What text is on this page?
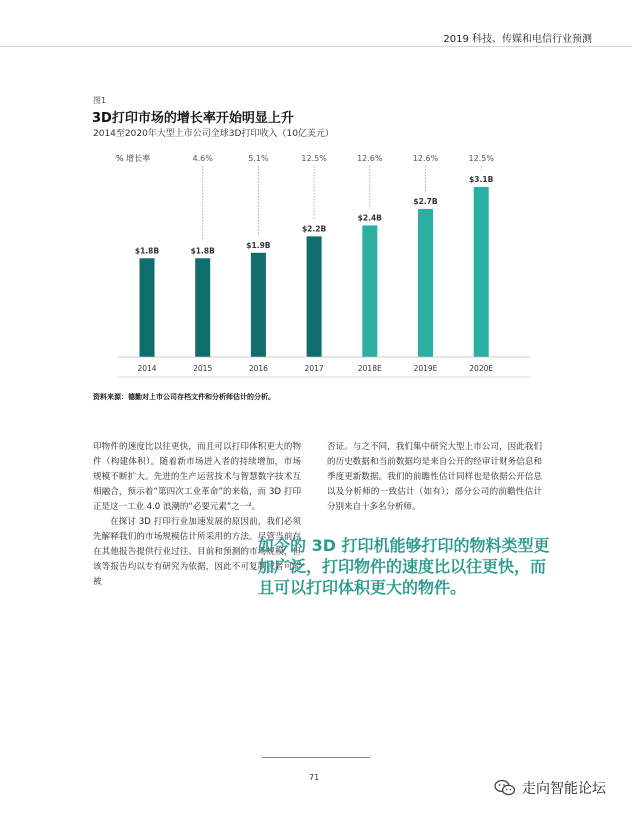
2019 科技、传媒和电信行业预测
图1
3D打印市场的增长率开始明显上升
2014至2020年大型上市公司全球3D打印收入（10亿美元）
% 增长率
$1.8B
2014
4.6%
$1.8B
2015
5.1%
$1.9B
2016
12.5%
$2.2B
2017
12.6%
$2.4B
2018E
12.6%
$2.7B
2019E
12.5%
$3.1B
2020E
资料来源：德勤对上市公司存档文件和分析师估计的分析。

印物件的速度比以往更快，而且可以打印体积更大的物件（构建体积）。随着新市场进入者的持续增加，市场规模不断扩大。先进的生产运营技术与智慧数字技术互相融合，预示着“第四次工业革命”的来临，而 3D 打印正是这一工业 4.0 浪潮的“必要元素”之一²。

在探讨 3D 打印行业加速发展的原因前，我们必须先解释我们的市场规模估计所采用的方法。尽管当前存在其他报告提供行业过往、目前和预测的市场规模，但该等报告均以专有研究为依据，因此不可复制或者可能被

否证。与之不同，我们集中研究大型上市公司，因此我们的历史数据和当前数据均是来自公开的经审计财务信息和季度更新数据。我们的前瞻性估计同样也是依据公开信息以及分析师的一致估计（如有）；部分公司的前瞻性估计分别来自十多名分析师。

如今的 3D 打印机能够打印的物料类型更加广泛，打印物件的速度比以往更快，而且可以打印体积更大的物件。
71
走向智能论坛
